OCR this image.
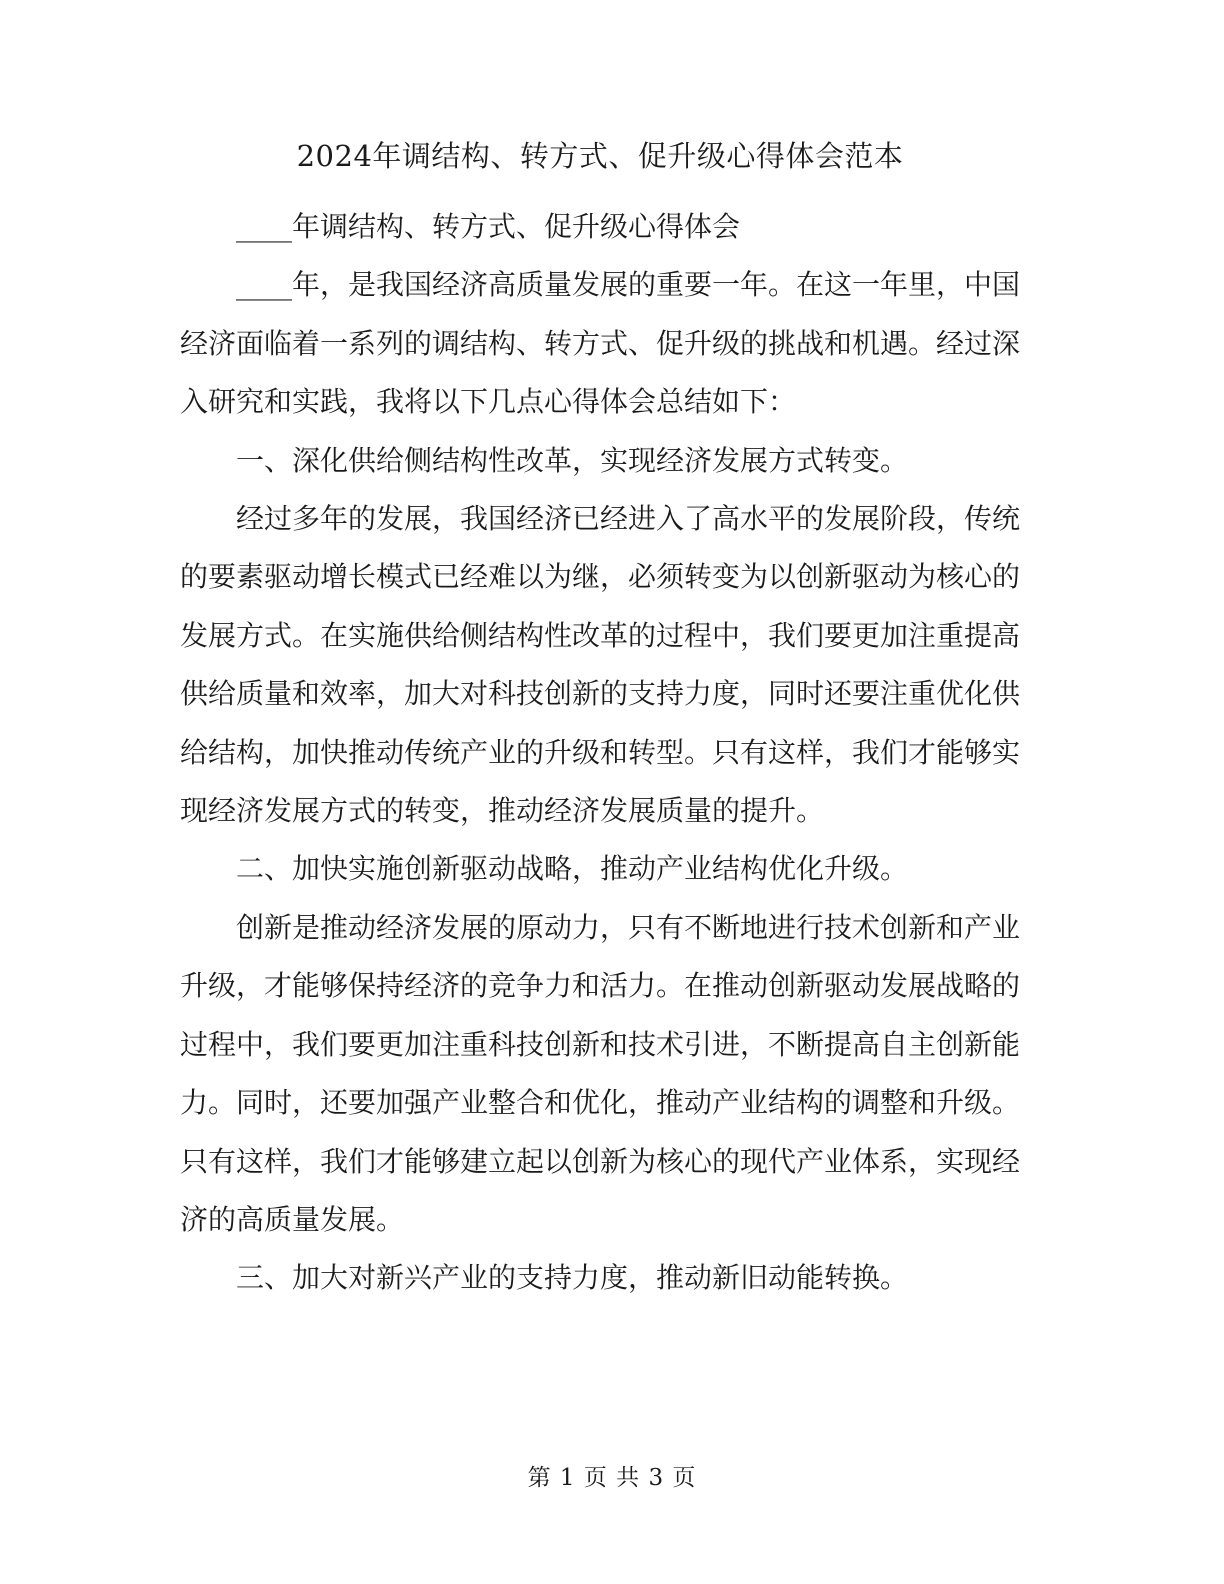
2024年调结构、转方式、促升级心得体会范本

____年调结构、转方式、促升级心得体会

____年，是我国经济高质量发展的重要一年。在这一年里，中国经济面临着一系列的调结构、转方式、促升级的挑战和机遇。经过深入研究和实践，我将以下几点心得体会总结如下：

一、深化供给侧结构性改革，实现经济发展方式转变。

经过多年的发展，我国经济已经进入了高水平的发展阶段，传统的要素驱动增长模式已经难以为继，必须转变为以创新驱动为核心的发展方式。在实施供给侧结构性改革的过程中，我们要更加注重提高供给质量和效率，加大对科技创新的支持力度，同时还要注重优化供给结构，加快推动传统产业的升级和转型。只有这样，我们才能够实现经济发展方式的转变，推动经济发展质量的提升。

二、加快实施创新驱动战略，推动产业结构优化升级。

创新是推动经济发展的原动力，只有不断地进行技术创新和产业升级，才能够保持经济的竞争力和活力。在推动创新驱动发展战略的过程中，我们要更加注重科技创新和技术引进，不断提高自主创新能力。同时，还要加强产业整合和优化，推动产业结构的调整和升级。只有这样，我们才能够建立起以创新为核心的现代产业体系，实现经济的高质量发展。

三、加大对新兴产业的支持力度，推动新旧动能转换。

第 1 页 共 3 页
